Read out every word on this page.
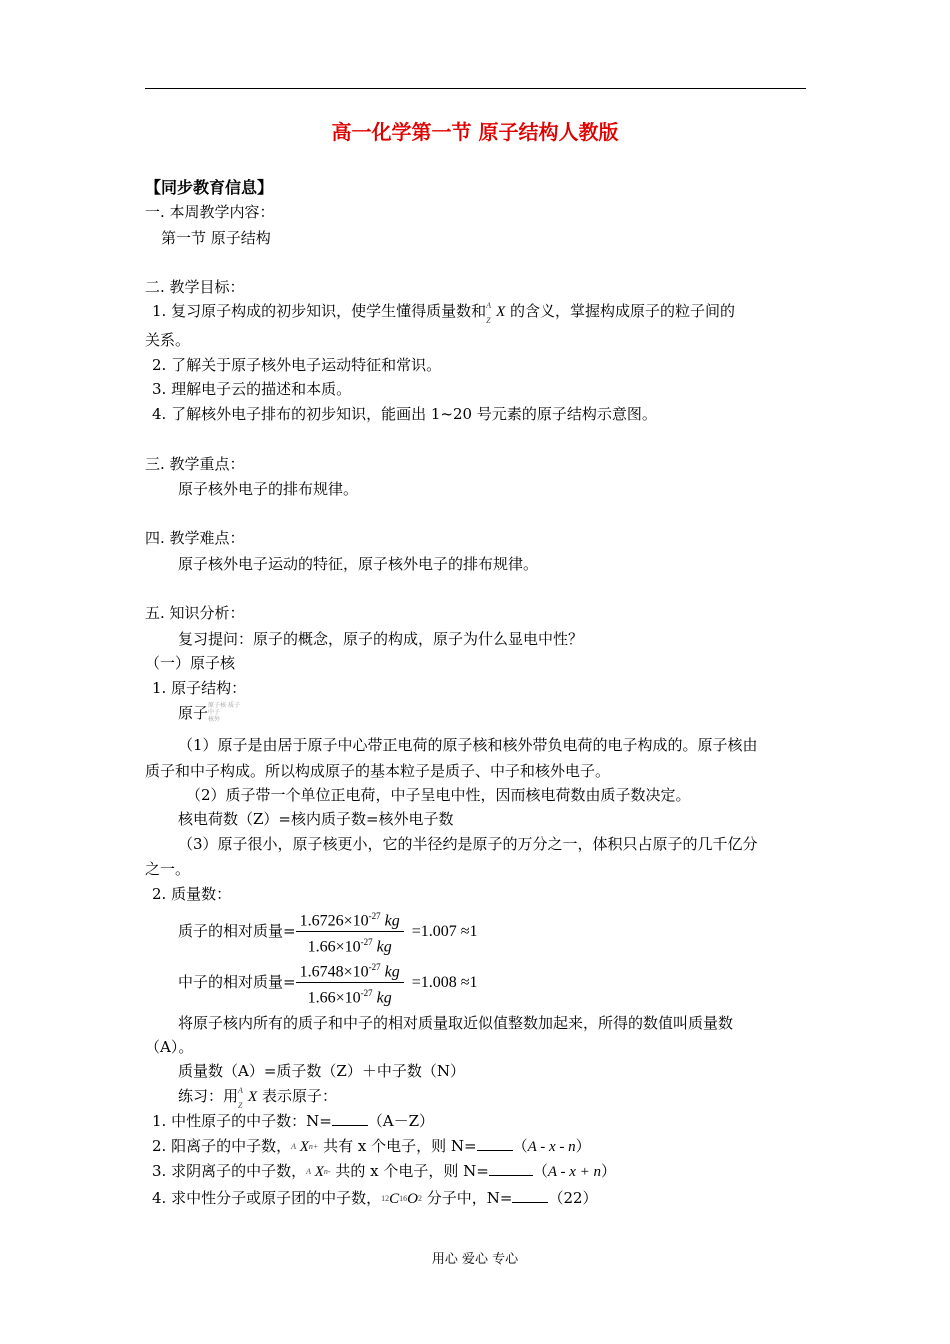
高一化学第一节 原子结构人教版
【同步教育信息】
一. 本周教学内容：
第一节 原子结构
二. 教学目标：
1. 复习原子构成的初步知识，使学生懂得质量数和 A
Z
X 的含义，掌握构成原子的粒子间的
关系。
2. 了解关于原子核外电子运动特征和常识。
3. 理解电子云的描述和本质。
4. 了解核外电子排布的初步知识，能画出 1~20 号元素的原子结构示意图。
三. 教学重点：
原子核外电子的排布规律。
四. 教学难点：
原子核外电子运动的特征，原子核外电子的排布规律。
五. 知识分析：
复习提问：原子的概念，原子的构成，原子为什么显电中性？
（一）原子核
1. 原子结构：
原子原子核 质子
中子
核外
（1）原子是由居于原子中心带正电荷的原子核和核外带负电荷的电子构成的。原子核由
质子和中子构成。所以构成原子的基本粒子是质子、中子和核外电子。
（2）质子带一个单位正电荷，中子呈电中性，因而核电荷数由质子数决定。
核电荷数（Z）=核内质子数=核外电子数
（3）原子很小，原子核更小，它的半径约是原子的万分之一，体积只占原子的几千亿分
之一。
2. 质量数：
质子的相对质量= $\frac{1.6726\times 10^{-27} kg}{1.66\times 10^{-27} kg} =1.007 \approx 1$
中子的相对质量= $\frac{1.6748\times 10^{-27} kg}{1.66\times 10^{-27} kg} =1.008 \approx 1$
将原子核内所有的质子和中子的相对质量取近似值整数加起来，所得的数值叫质量数
（A）。
质量数（A）=质子数（Z）＋中子数（N）
练习：用 A
Z
X 表示原子：
1. 中性原子的中子数：N= （A－Z）
2. 阳离子的中子数，$^A$ $X^{n+}$ 共有 x 个电子，则 N= （A - x - n）
3. 求阴离子的中子数，$^A$ $X^{n-}$ 共的 x 个电子，则 N=	（A - x + n）
4. 求中性分子或原子团的中子数，$^{12}C^{16}O2$ 分子中，N= （22）
用心 爱心 专心
